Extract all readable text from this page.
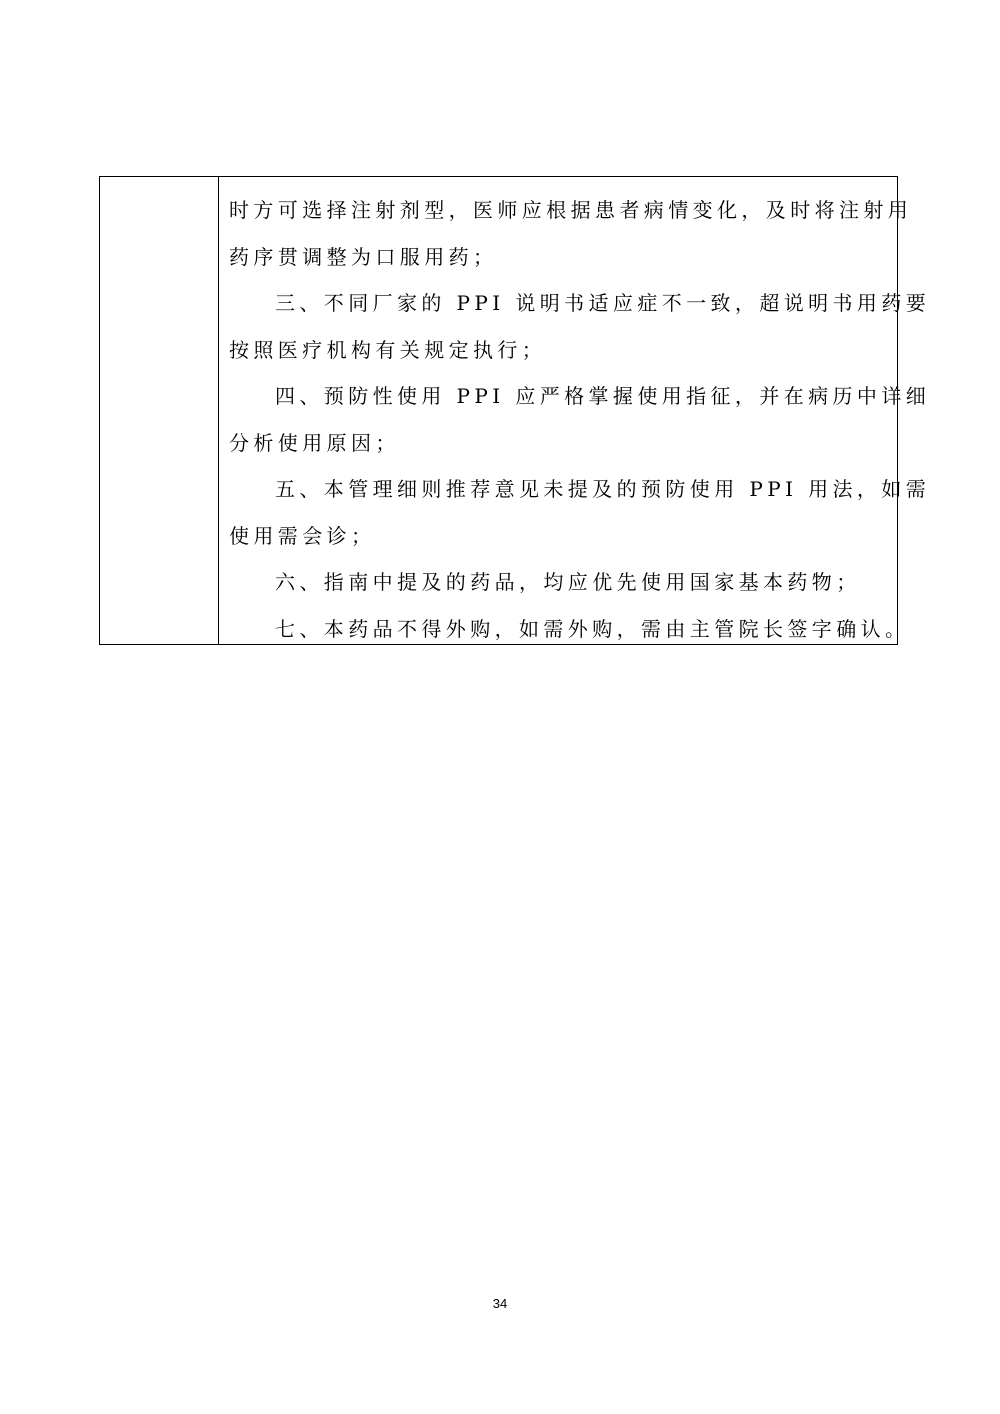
时方可选择注射剂型，医师应根据患者病情变化，及时将注射用
药序贯调整为口服用药；
三、不同厂家的 PPI 说明书适应症不一致，超说明书用药要
按照医疗机构有关规定执行；
四、预防性使用 PPI 应严格掌握使用指征，并在病历中详细
分析使用原因；
五、本管理细则推荐意见未提及的预防使用 PPI 用法，如需
使用需会诊；
六、指南中提及的药品，均应优先使用国家基本药物；
七、本药品不得外购，如需外购，需由主管院长签字确认。
34
